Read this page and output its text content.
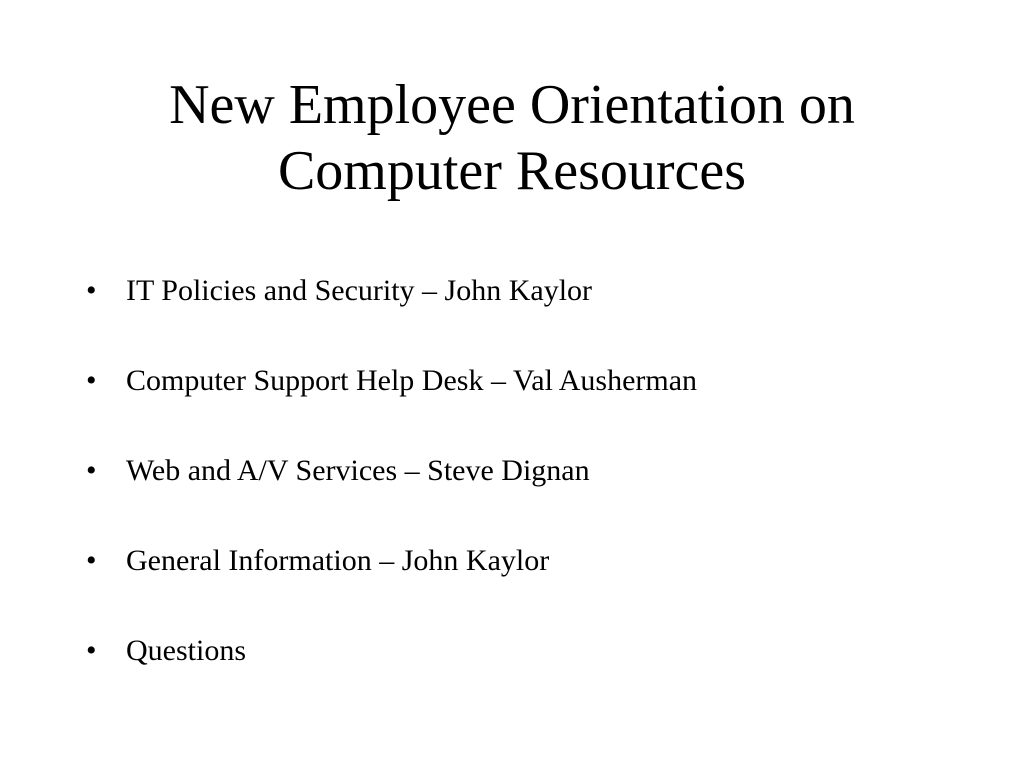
New Employee Orientation on
Computer Resources
• IT Policies and Security – John Kaylor
• Computer Support Help Desk – Val Ausherman
• Web and A/V Services – Steve Dignan
• General Information – John Kaylor
• Questions
